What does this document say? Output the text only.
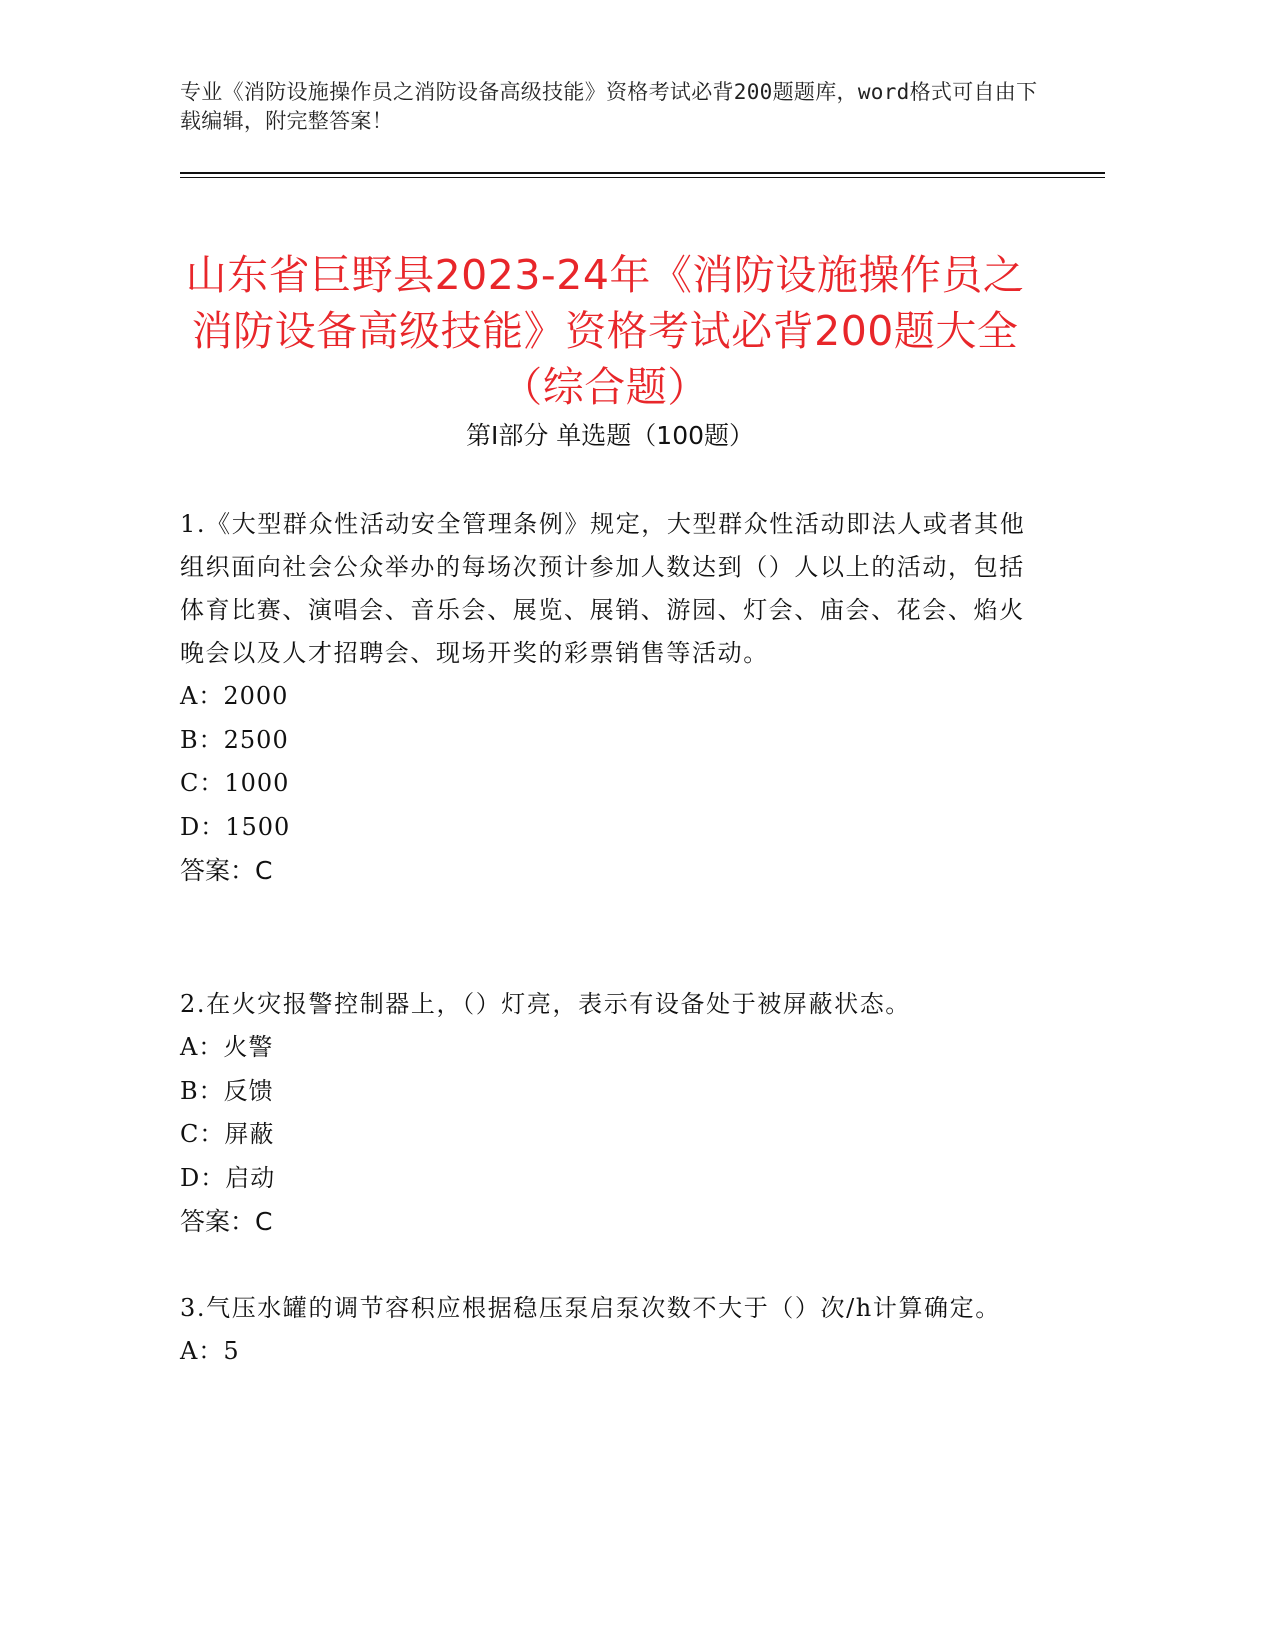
专业《消防设施操作员之消防设备高级技能》资格考试必背200题题库，word格式可自由下载编辑，附完整答案！
山东省巨野县2023-24年《消防设施操作员之消防设备高级技能》资格考试必背200题大全（综合题）
第Ⅰ部分 单选题（100题）

1.《大型群众性活动安全管理条例》规定，大型群众性活动即法人或者其他组织面向社会公众举办的每场次预计参加人数达到（）人以上的活动，包括体育比赛、演唱会、音乐会、展览、展销、游园、灯会、庙会、花会、焰火晚会以及人才招聘会、现场开奖的彩票销售等活动。

A：2000

B：2500

C：1000

D：1500

答案：C

2.在火灾报警控制器上，（）灯亮，表示有设备处于被屏蔽状态。

A：火警

B：反馈

C：屏蔽

D：启动

答案：C

3.气压水罐的调节容积应根据稳压泵启泵次数不大于（）次/h计算确定。

A：5
